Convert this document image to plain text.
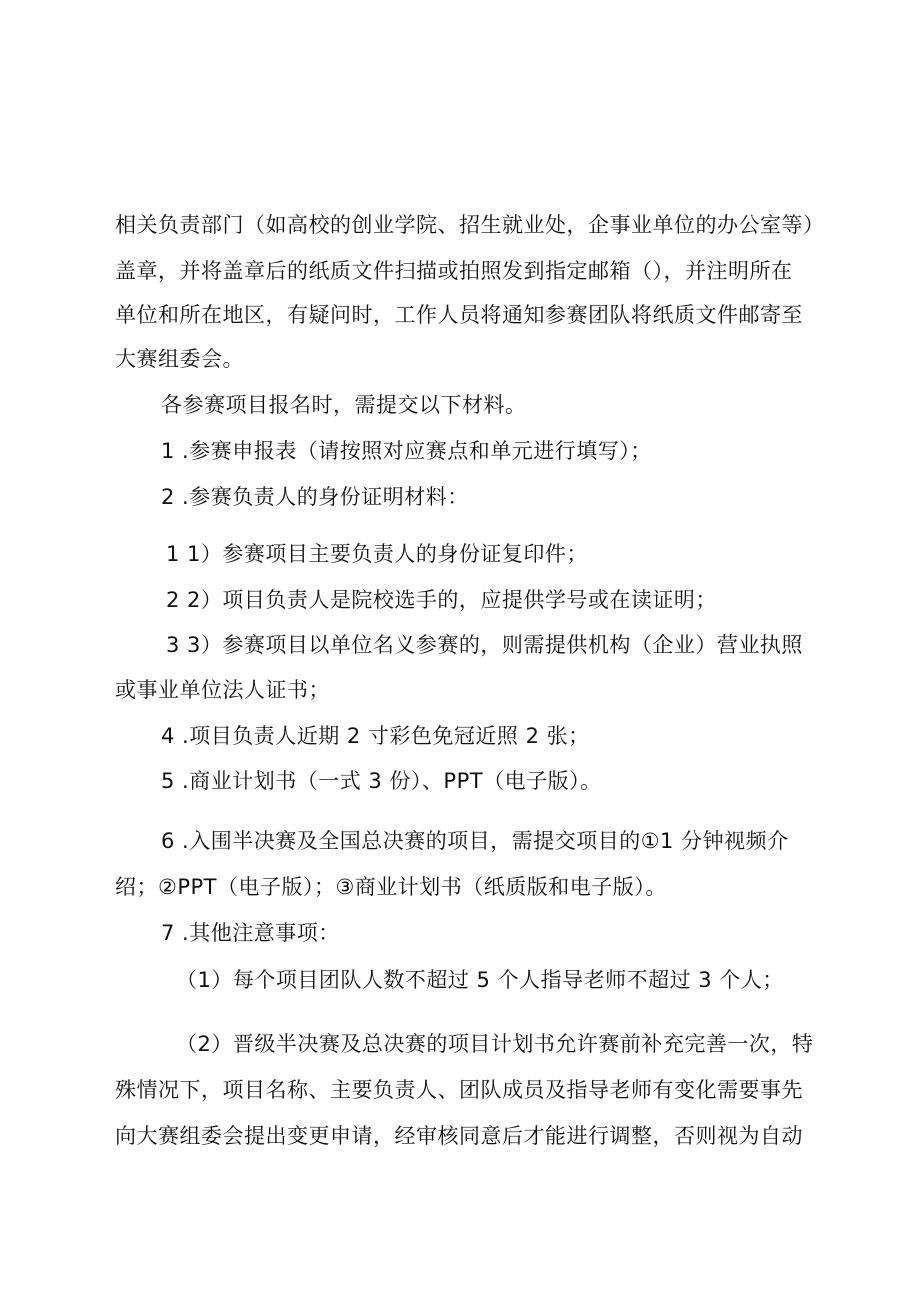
相关负责部门（如高校的创业学院、招生就业处，企事业单位的办公室等）
盖章，并将盖章后的纸质文件扫描或拍照发到指定邮箱（），并注明所在
单位和所在地区，有疑问时，工作人员将通知参赛团队将纸质文件邮寄至
大赛组委会。
各参赛项目报名时，需提交以下材料。
1 .参赛申报表（请按照对应赛点和单元进行填写）；
2 .参赛负责人的身份证明材料：
1 1）参赛项目主要负责人的身份证复印件；
2 2）项目负责人是院校选手的，应提供学号或在读证明；
3 3）参赛项目以单位名义参赛的，则需提供机构（企业）营业执照
或事业单位法人证书；
4 .项目负责人近期 2 寸彩色免冠近照 2 张；
5 .商业计划书（一式 3 份）、PPT（电子版）。
6 .入围半决赛及全国总决赛的项目，需提交项目的①1 分钟视频介
绍；②PPT（电子版）；③商业计划书（纸质版和电子版）。
7 .其他注意事项：
（1）每个项目团队人数不超过 5 个人指导老师不超过 3 个人；
（2）晋级半决赛及总决赛的项目计划书允许赛前补充完善一次，特
殊情况下，项目名称、主要负责人、团队成员及指导老师有变化需要事先
向大赛组委会提出变更申请，经审核同意后才能进行调整，否则视为自动
